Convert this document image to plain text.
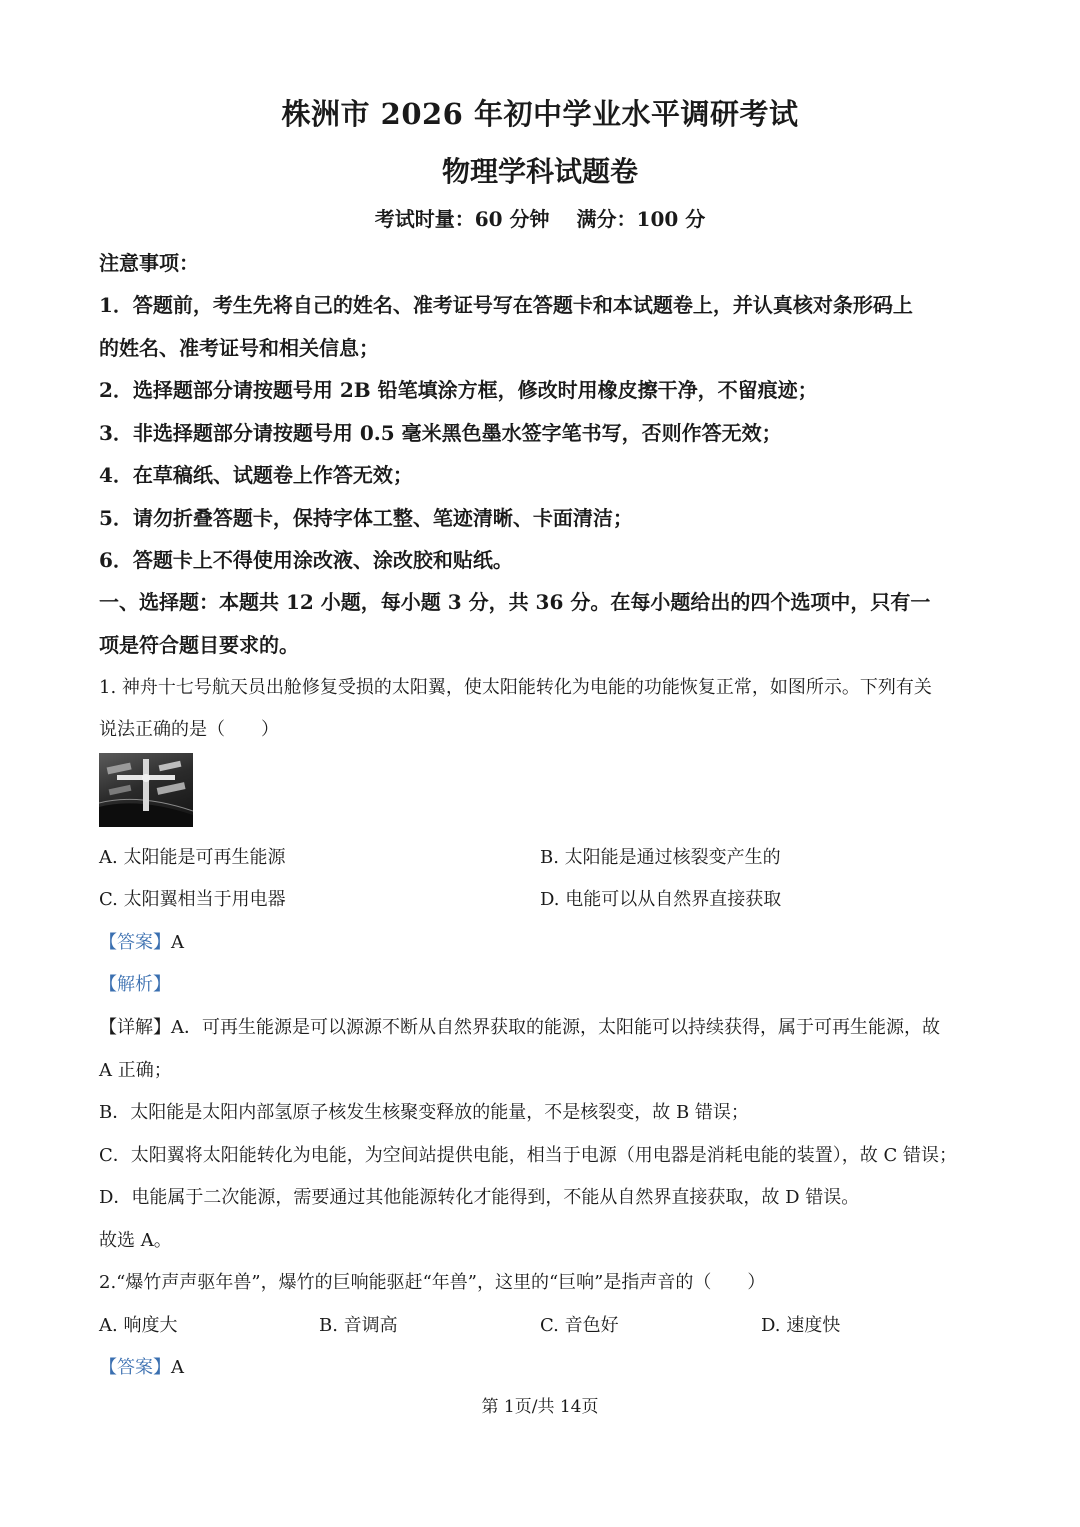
株洲市 2026 年初中学业水平调研考试
物理学科试题卷
考试时量：60 分钟　 满分：100 分
注意事项：
1．答题前，考生先将自己的姓名、准考证号写在答题卡和本试题卷上，并认真核对条形码上
的姓名、准考证号和相关信息；
2．选择题部分请按题号用 2B 铅笔填涂方框，修改时用橡皮擦干净，不留痕迹；
3．非选择题部分请按题号用 0.5 毫米黑色墨水签字笔书写，否则作答无效；
4．在草稿纸、试题卷上作答无效；
5．请勿折叠答题卡，保持字体工整、笔迹清晰、卡面清洁；
6．答题卡上不得使用涂改液、涂改胶和贴纸。
一、选择题：本题共 12 小题，每小题 3 分，共 36 分。在每小题给出的四个选项中，只有一
项是符合题目要求的。
1. 神舟十七号航天员出舱修复受损的太阳翼，使太阳能转化为电能的功能恢复正常，如图所示。下列有关
说法正确的是（　　）
A. 太阳能是可再生能源	B. 太阳能是通过核裂变产生的
C. 太阳翼相当于用电器	D. 电能可以从自然界直接获取
【答案】A
【解析】
【详解】A．可再生能源是可以源源不断从自然界获取的能源，太阳能可以持续获得，属于可再生能源，故
A 正确；
B．太阳能是太阳内部氢原子核发生核聚变释放的能量，不是核裂变，故 B 错误；
C．太阳翼将太阳能转化为电能，为空间站提供电能，相当于电源（用电器是消耗电能的装置），故 C 错误；
D．电能属于二次能源，需要通过其他能源转化才能得到，不能从自然界直接获取，故 D 错误。
故选 A。
2.“爆竹声声驱年兽”，爆竹的巨响能驱赶“年兽”，这里的“巨响”是指声音的（　　）
A. 响度大	B. 音调高	C. 音色好	D. 速度快
【答案】A
第 1页/共 14页
